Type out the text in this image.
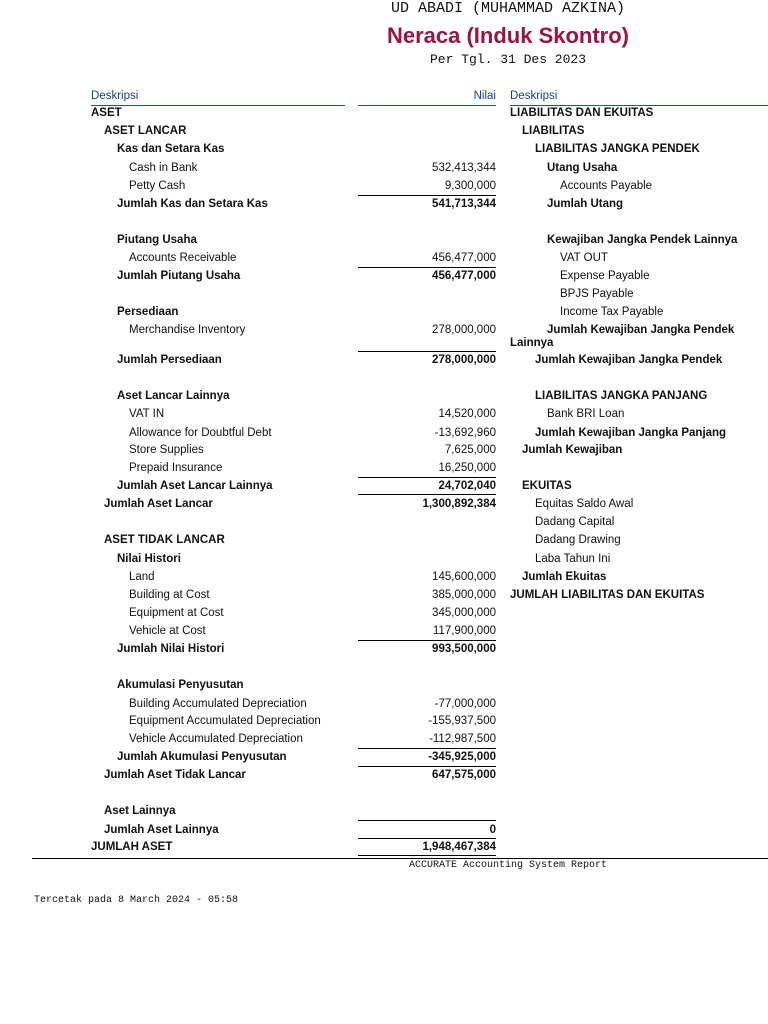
UD ABADI (MUHAMMAD AZKINA)
Neraca (Induk Skontro)
Per Tgl. 31 Des 2023
Deskripsi	Nilai Deskripsi
ASET
ASET LANCAR
Kas dan Setara Kas
Cash in Bank	532,413,344
Petty Cash	9,300,000
Jumlah Kas dan Setara Kas	541,713,344
Piutang Usaha
Accounts Receivable	456,477,000
Jumlah Piutang Usaha	456,477,000
Persediaan
Merchandise Inventory	278,000,000
Jumlah Persediaan	278,000,000
Aset Lancar Lainnya
VAT IN	14,520,000
Allowance for Doubtful Debt	-13,692,960
Store Supplies	7,625,000
Prepaid Insurance	16,250,000
Jumlah Aset Lancar Lainnya	24,702,040
Jumlah Aset Lancar	1,300,892,384
ASET TIDAK LANCAR
Nilai Histori
Land	145,600,000
Building at Cost	385,000,000
Equipment at Cost	345,000,000
Vehicle at Cost	117,900,000
Jumlah Nilai Histori	993,500,000
Akumulasi Penyusutan
Building Accumulated Depreciation	-77,000,000
Equipment Accumulated Depreciation	-155,937,500
Vehicle Accumulated Depreciation	-112,987,500
Jumlah Akumulasi Penyusutan	-345,925,000
Jumlah Aset Tidak Lancar	647,575,000
Aset Lainnya
Jumlah Aset Lainnya	0
JUMLAH ASET	1,948,467,384
LIABILITAS DAN EKUITAS
LIABILITAS
LIABILITAS JANGKA PENDEK
Utang Usaha
Accounts Payable
Jumlah Utang
Kewajiban Jangka Pendek Lainnya
VAT OUT
Expense Payable
BPJS Payable
Income Tax Payable
Jumlah Kewajiban Jangka Pendek
Lainnya
Jumlah Kewajiban Jangka Pendek
LIABILITAS JANGKA PANJANG
Bank BRI Loan
Jumlah Kewajiban Jangka Panjang
Jumlah Kewajiban
EKUITAS
Equitas Saldo Awal
Dadang Capital
Dadang Drawing
Laba Tahun Ini
Jumlah Ekuitas
JUMLAH LIABILITAS DAN EKUITAS
ACCURATE Accounting System Report
Tercetak pada 8 March 2024 - 05:58
